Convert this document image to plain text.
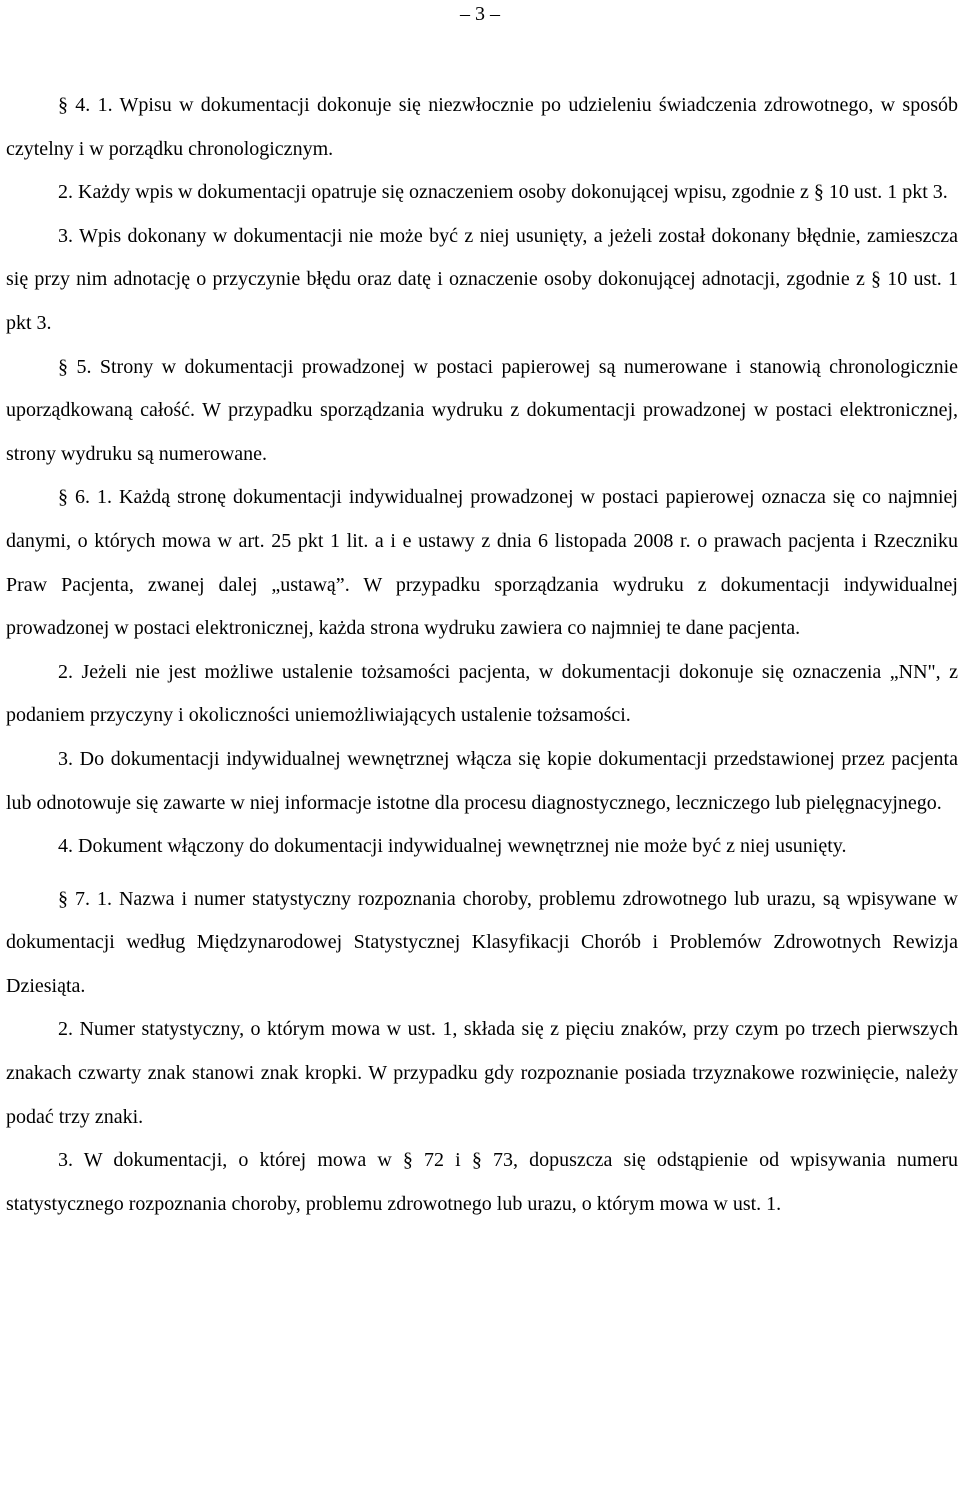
– 3 –

§ 4. 1. Wpisu w dokumentacji dokonuje się niezwłocznie po udzieleniu świadczenia zdrowotnego, w sposób czytelny i w porządku chronologicznym.

2. Każdy wpis w dokumentacji opatruje się oznaczeniem osoby dokonującej wpisu, zgodnie z § 10 ust. 1 pkt 3.

3. Wpis dokonany w dokumentacji nie może być z niej usunięty, a jeżeli został dokonany błędnie, zamieszcza się przy nim adnotację o przyczynie błędu oraz datę i oznaczenie osoby dokonującej adnotacji, zgodnie z § 10 ust. 1 pkt 3.

§ 5. Strony w dokumentacji prowadzonej w postaci papierowej są numerowane i stanowią chronologicznie uporządkowaną całość. W przypadku sporządzania wydruku z dokumentacji prowadzonej w postaci elektronicznej, strony wydruku są numerowane.

§ 6. 1. Każdą stronę dokumentacji indywidualnej prowadzonej w postaci papierowej oznacza się co najmniej danymi, o których mowa w art. 25 pkt 1 lit. a i e ustawy z dnia 6 listopada 2008 r. o prawach pacjenta i Rzeczniku Praw Pacjenta, zwanej dalej „ustawą”. W przypadku sporządzania wydruku z dokumentacji indywidualnej prowadzonej w postaci elektronicznej, każda strona wydruku zawiera co najmniej te dane pacjenta.

2. Jeżeli nie jest możliwe ustalenie tożsamości pacjenta, w dokumentacji dokonuje się oznaczenia „NN", z podaniem przyczyny i okoliczności uniemożliwiających ustalenie tożsamości.

3. Do dokumentacji indywidualnej wewnętrznej włącza się kopie dokumentacji przedstawionej przez pacjenta lub odnotowuje się zawarte w niej informacje istotne dla procesu diagnostycznego, leczniczego lub pielęgnacyjnego.

4. Dokument włączony do dokumentacji indywidualnej wewnętrznej nie może być z niej usunięty.

§ 7. 1. Nazwa i numer statystyczny rozpoznania choroby, problemu zdrowotnego lub urazu, są wpisywane w dokumentacji według Międzynarodowej Statystycznej Klasyfikacji Chorób i Problemów Zdrowotnych Rewizja Dziesiąta.

2. Numer statystyczny, o którym mowa w ust. 1, składa się z pięciu znaków, przy czym po trzech pierwszych znakach czwarty znak stanowi znak kropki. W przypadku gdy rozpoznanie posiada trzyznakowe rozwinięcie, należy podać trzy znaki.

3. W dokumentacji, o której mowa w § 72 i § 73, dopuszcza się odstąpienie od wpisywania numeru statystycznego rozpoznania choroby, problemu zdrowotnego lub urazu, o którym mowa w ust. 1.
